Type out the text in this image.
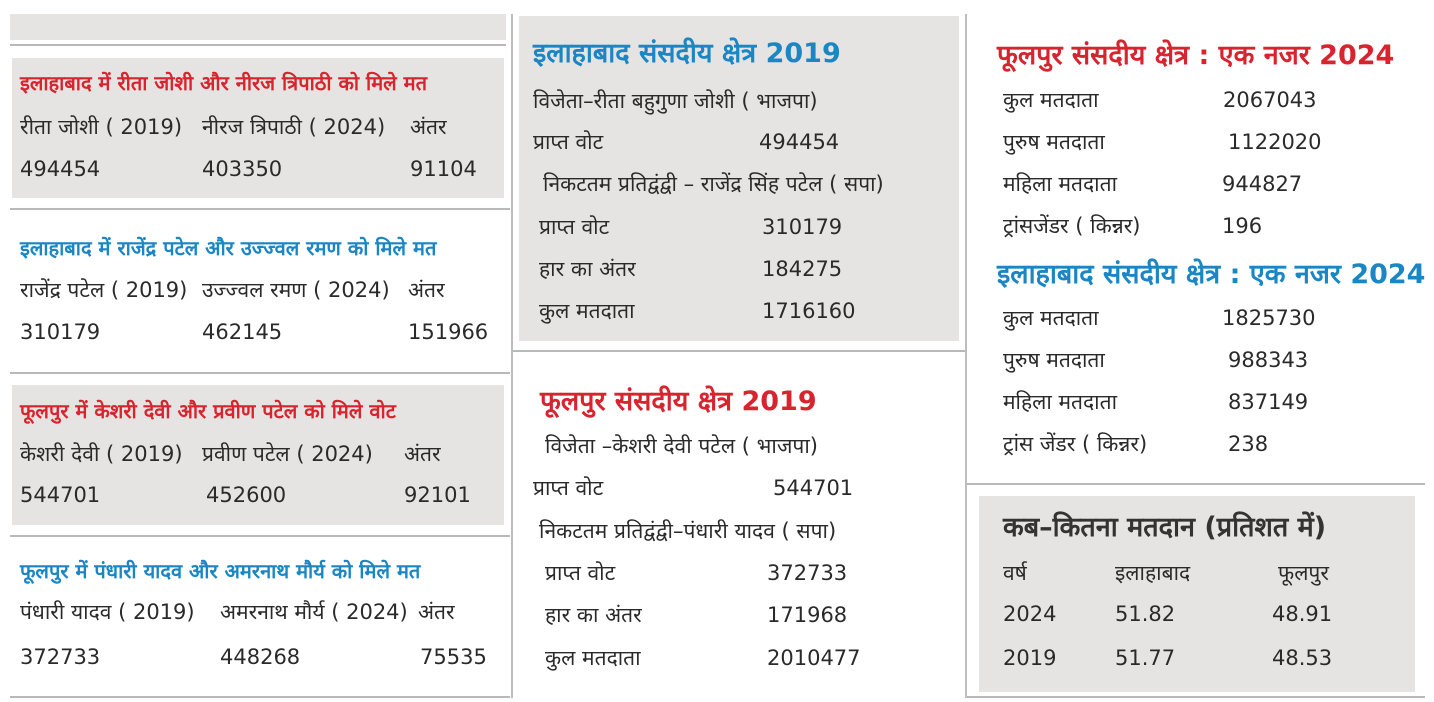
इलाहाबाद में रीता जोशी और नीरज त्रिपाठी को मिले मत
रीता जोशी ( 2019) नीरज त्रिपाठी ( 2024)	अंतर
494454	403350	91104
इलाहाबाद में राजेंद्र पटेल और उज्ज्वल रमण को मिले मत
राजेंद्र पटेल ( 2019) उज्ज्वल रमण ( 2024) अंतर
310179	462145	151966
फूलपुर में केशरी देवी और प्रवीण पटेल को मिले वोट
केशरी देवी ( 2019) प्रवीण पटेल ( 2024)	अंतर
544701	452600	92101
फूलपुर में पंधारी यादव और अमरनाथ मौर्य को मिले मत
पंधारी यादव ( 2019)	अमरनाथ मौर्य ( 2024) अंतर
372733	448268	75535
इलाहाबाद संसदीय क्षेत्र 2019
विजेता–रीता बहुगुणा जोशी ( भाजपा)
प्राप्त वोट	494454
निकटतम प्रतिद्वंद्वी – राजेंद्र सिंह पटेल ( सपा)
प्राप्त वोट	310179
हार का अंतर	184275
कुल मतदाता	1716160
फूलपुर संसदीय क्षेत्र 2019
विजेता –केशरी देवी पटेल ( भाजपा)
प्राप्त वोट	544701
निकटतम प्रतिद्वंद्वी–पंधारी यादव ( सपा)
प्राप्त वोट	372733
हार का अंतर	171968
कुल मतदाता	2010477
फूलपुर संसदीय क्षेत्र : एक नजर 2024
कुल मतदाता	2067043
पुरुष मतदाता	1122020
महिला मतदाता	944827
ट्रांसजेंडर ( किन्नर)	196
इलाहाबाद संसदीय क्षेत्र : एक नजर 2024
कुल मतदाता	1825730
पुरुष मतदाता	988343
महिला मतदाता	837149
ट्रांस जेंडर ( किन्नर)	238
कब–कितना मतदान (प्रतिशत में)
वर्ष	इलाहाबाद	फूलपुर
2024	51.82	48.91
2019	51.77	48.53
